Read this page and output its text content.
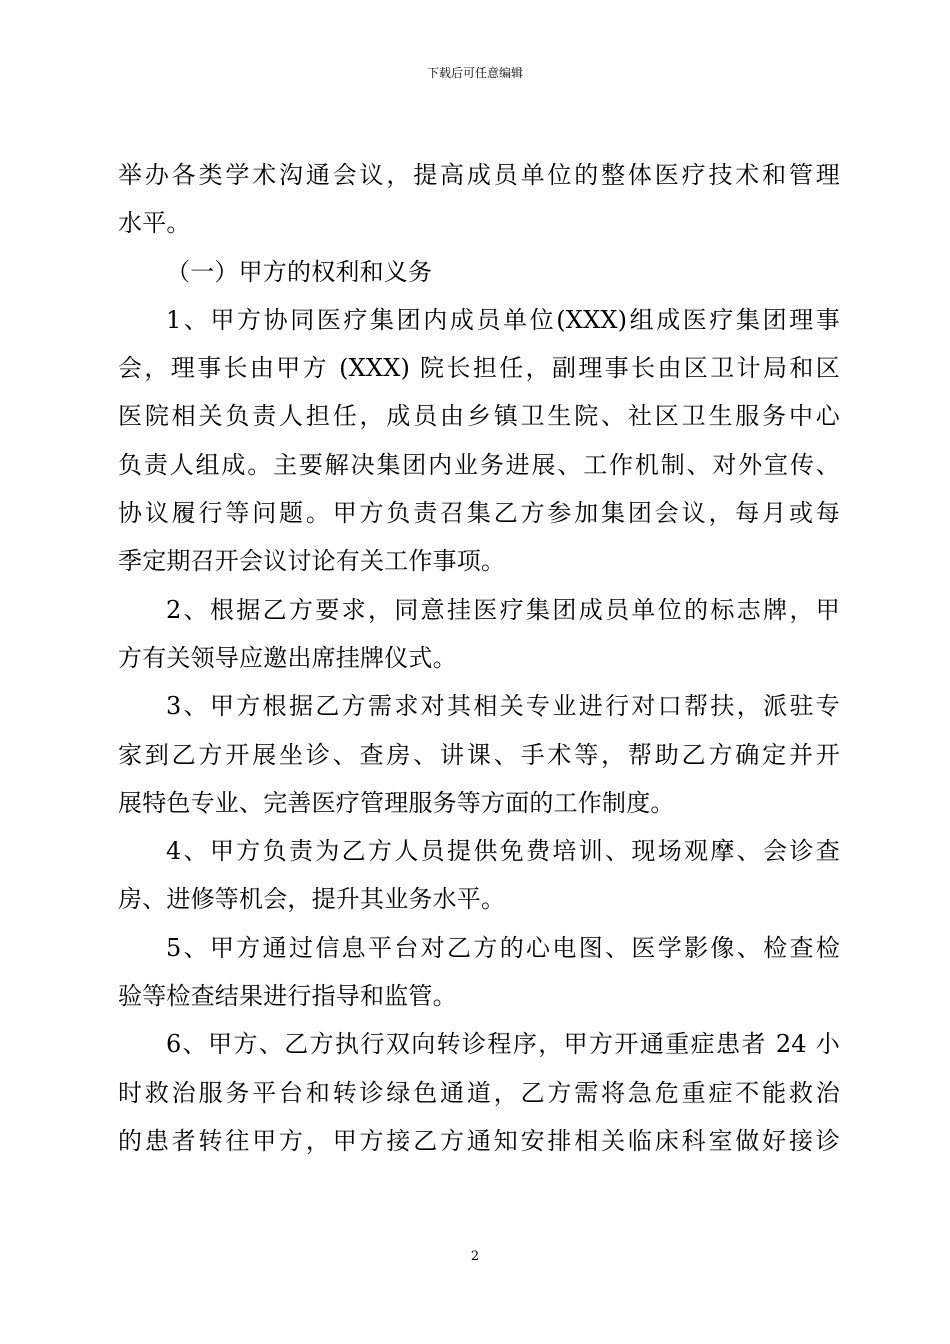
下载后可任意编辑
举办各类学术沟通会议，提高成员单位的整体医疗技术和管理
水平。
（一）甲方的权利和义务
1、甲方协同医疗集团内成员单位(XXX)组成医疗集团理事
会，理事长由甲方 (XXX) 院长担任，副理事长由区卫计局和区
医院相关负责人担任，成员由乡镇卫生院、社区卫生服务中心
负责人组成。主要解决集团内业务进展、工作机制、对外宣传、
协议履行等问题。甲方负责召集乙方参加集团会议，每月或每
季定期召开会议讨论有关工作事项。
2、根据乙方要求，同意挂医疗集团成员单位的标志牌，甲
方有关领导应邀出席挂牌仪式。
3、甲方根据乙方需求对其相关专业进行对口帮扶，派驻专
家到乙方开展坐诊、查房、讲课、手术等，帮助乙方确定并开
展特色专业、完善医疗管理服务等方面的工作制度。
4、甲方负责为乙方人员提供免费培训、现场观摩、会诊查
房、进修等机会，提升其业务水平。
5、甲方通过信息平台对乙方的心电图、医学影像、检查检
验等检查结果进行指导和监管。
6、甲方、乙方执行双向转诊程序，甲方开通重症患者 24 小
时救治服务平台和转诊绿色通道，乙方需将急危重症不能救治
的患者转往甲方，甲方接乙方通知安排相关临床科室做好接诊
2
